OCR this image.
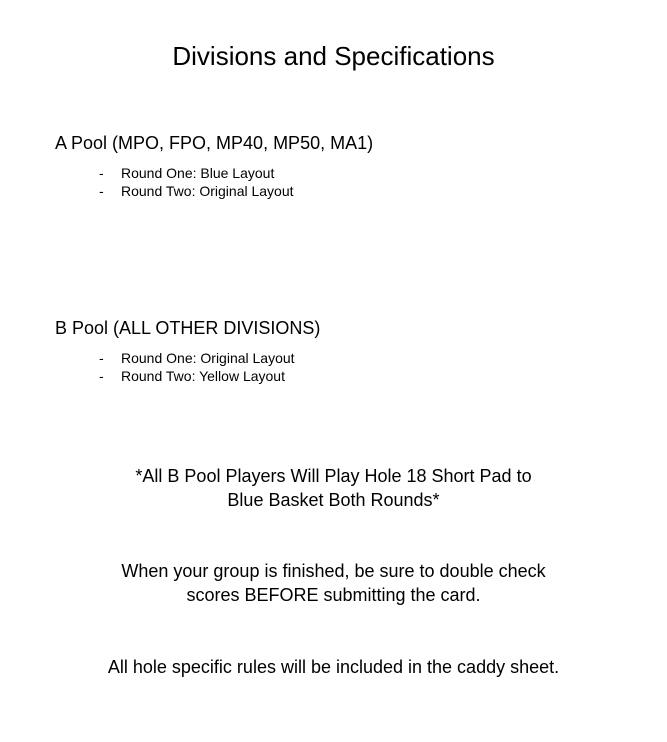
Divisions and Specifications
A Pool (MPO, FPO, MP40, MP50, MA1)
- Round One: Blue Layout
- Round Two: Original Layout
B Pool (ALL OTHER DIVISIONS)
- Round One: Original Layout
- Round Two: Yellow Layout

*All B Pool Players Will Play Hole 18 Short Pad to
Blue Basket Both Rounds*

When your group is finished, be sure to double check
scores BEFORE submitting the card.

All hole specific rules will be included in the caddy sheet.
